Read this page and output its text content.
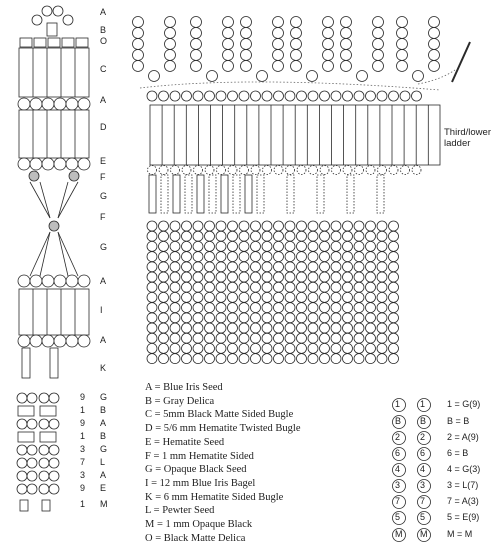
A
B
O
C
A
D
E
F
G
F
G
A
I
A
K
Third/lower
ladder
9 G
1 B
9 A
1 B
3 G
7 L
3 A
9 E
1 M
A = Blue Iris Seed
B = Gray Delica
C = 5mm Black Matte Sided Bugle
D = 5/6 mm Hematite Twisted Bugle
E = Hematite Seed
F = 1 mm Hematite Sided
G = Opaque Black Seed
I = 12 mm Blue Iris Bagel
K = 6 mm Hematite Sided Bugle
L = Pewter Seed
M = 1 mm Opaque Black
O = Black Matte Delica
1 1 1 = G(9)
B B B = B
2 2 2 = A(9)
6 6 6 = B
4 4 4 = G(3)
3 3 3 = L(7)
7 7 7 = A(3)
5 5 5 = E(9)
M M M = M
